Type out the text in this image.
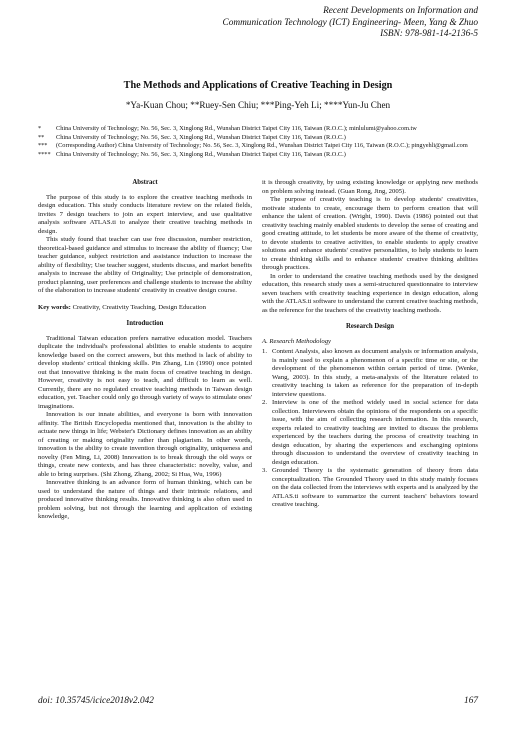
Recent Developments on Information and
Communication Technology (ICT) Engineering- Meen, Yang & Zhuo
ISBN: 978-981-14-2136-5
The Methods and Applications of Creative Teaching in Design
*Ya-Kuan Chou; **Ruey-Sen Chiu; ***Ping-Yeh Li; ****Yun-Ju Chen
*	China University of Technology; No. 56, Sec. 3, Xinglong Rd., Wunshan District Taipei City 116, Taiwan (R.O.C.); minlulumi@yahoo.com.tw
**	China University of Technology; No. 56, Sec. 3, Xinglong Rd., Wunshan District Taipei City 116, Taiwan (R.O.C.)
***	(Corresponding Author) China University of Technology; No. 56, Sec. 3, Xinglong Rd., Wunshan District Taipei City 116, Taiwan (R.O.C.); pingyehli@gmail.com
**** China University of Technology; No. 56, Sec. 3, Xinglong Rd., Wunshan District Taipei City 116, Taiwan (R.O.C.)
Abstract

The purpose of this study is to explore the creative teaching methods in design education. This study conducts literature review on the related fields, invites 7 design teachers to join an expert interview, and use qualitative analysis software ATLAS.ti to analyze their creative teaching methods in design.

This study found that teacher can use free discussion, number restriction, theoretical-based guidance and stimulus to increase the ability of fluency; Use teacher guidance, subject restriction and assistance induction to increase the ability of flexibility; Use teacher suggest, students discuss, and market benefits analysis to increase the ability of Originality; Use principle of demonstration, product planning, user preferences and challenge students to increase the ability of the elaboration to increase students' creativity in creative design course.

Key words: Creativity, Creativity Teaching, Design Education
Introduction

Traditional Taiwan education prefers narrative education model. Teachers duplicate the individual's professional abilities to enable students to acquire knowledge based on the correct answers, but this method is lack of ability to develop students' critical thinking skills. Pin Zhang, Lin (1990) once pointed out that innovative thinking is the main focus of creative teaching in design. However, creativity is not easy to teach, and difficult to learn as well. Currently, there are no regulated creative teaching methods in Taiwan design education, yet. Teacher could only go through variety of ways to stimulate ones' imaginations.

Innovation is our innate abilities, and everyone is born with innovation affinity. The British Encyclopedia mentioned that, innovation is the ability to actuate new things in life; Webster's Dictionary defines innovation as an ability of creating or making originality rather than plagiarism. In other words, innovation is the ability to create invention through originality, uniqueness and novelty (Fen Ming, Li, 2008) Innovation is to break through the old ways or things, create new contexts, and has three characteristic: novelty, value, and able to bring surprises. (Shi Zhong, Zhang, 2002; Si Hua, Wu, 1996)

Innovative thinking is an advance form of human thinking, which can be used to understand the nature of things and their intrinsic relations, and produced innovative thinking results. Innovative thinking is also often used in problem solving, but not through the learning and application of existing knowledge,

it is through creativity, by using existing knowledge or applying new methods on problem solving instead. (Guan Rong, Jing, 2005).

The purpose of creativity teaching is to develop students' creativities, motivate students to create, encourage them to perform creation that will enhance the talent of creation. (Wright, 1990). Davis (1986) pointed out that creativity teaching mainly enabled students to develop the sense of creating and good creating attitude, to let students be more aware of the theme of creativity, to devote students to creative activities, to enable students to apply creative solutions and enhance students' creative personalities, to help students to learn to create thinking skills and to enhance students' creative thinking abilities through practices.

In order to understand the creative teaching methods used by the designed education, this research study uses a semi-structured questionnaire to interview seven teachers with creativity teaching experience in design education, along with the ATLAS.ti software to understand the current creative teaching methods, as the reference for the teachers of the creativity teaching methods.

Research Design
A. Research Methodology
1. Content Analysis, also known as document analysis or information analysis, is mainly used to explain a phenomenon of a specific time or site, or the development of the phenomenon within certain period of time. (Wenke, Wang, 2003). In this study, a meta-analysis of the literature related to creativity teaching is taken as reference for the preparation of in-depth interview questions.
2. Interview is one of the method widely used in social science for data collection. Interviewers obtain the opinions of the respondents on a specific issue, with the aim of collecting research information. In this research, experts related to creativity teaching are invited to discuss the problems experienced by the teachers during the process of creativity teaching in design education, by sharing the experiences and exchanging opinions through discussion to understand the overview of creativity teaching in design education.
3. Grounded Theory is the systematic generation of theory from data conceptualization. The Grounded Theory used in this study mainly focuses on the data collected from the interviews with experts and is analyzed by the ATLAS.ti software to summarize the current teachers' behaviors toward creative teaching.
doi: 10.35745/icice2018v2.042	167
